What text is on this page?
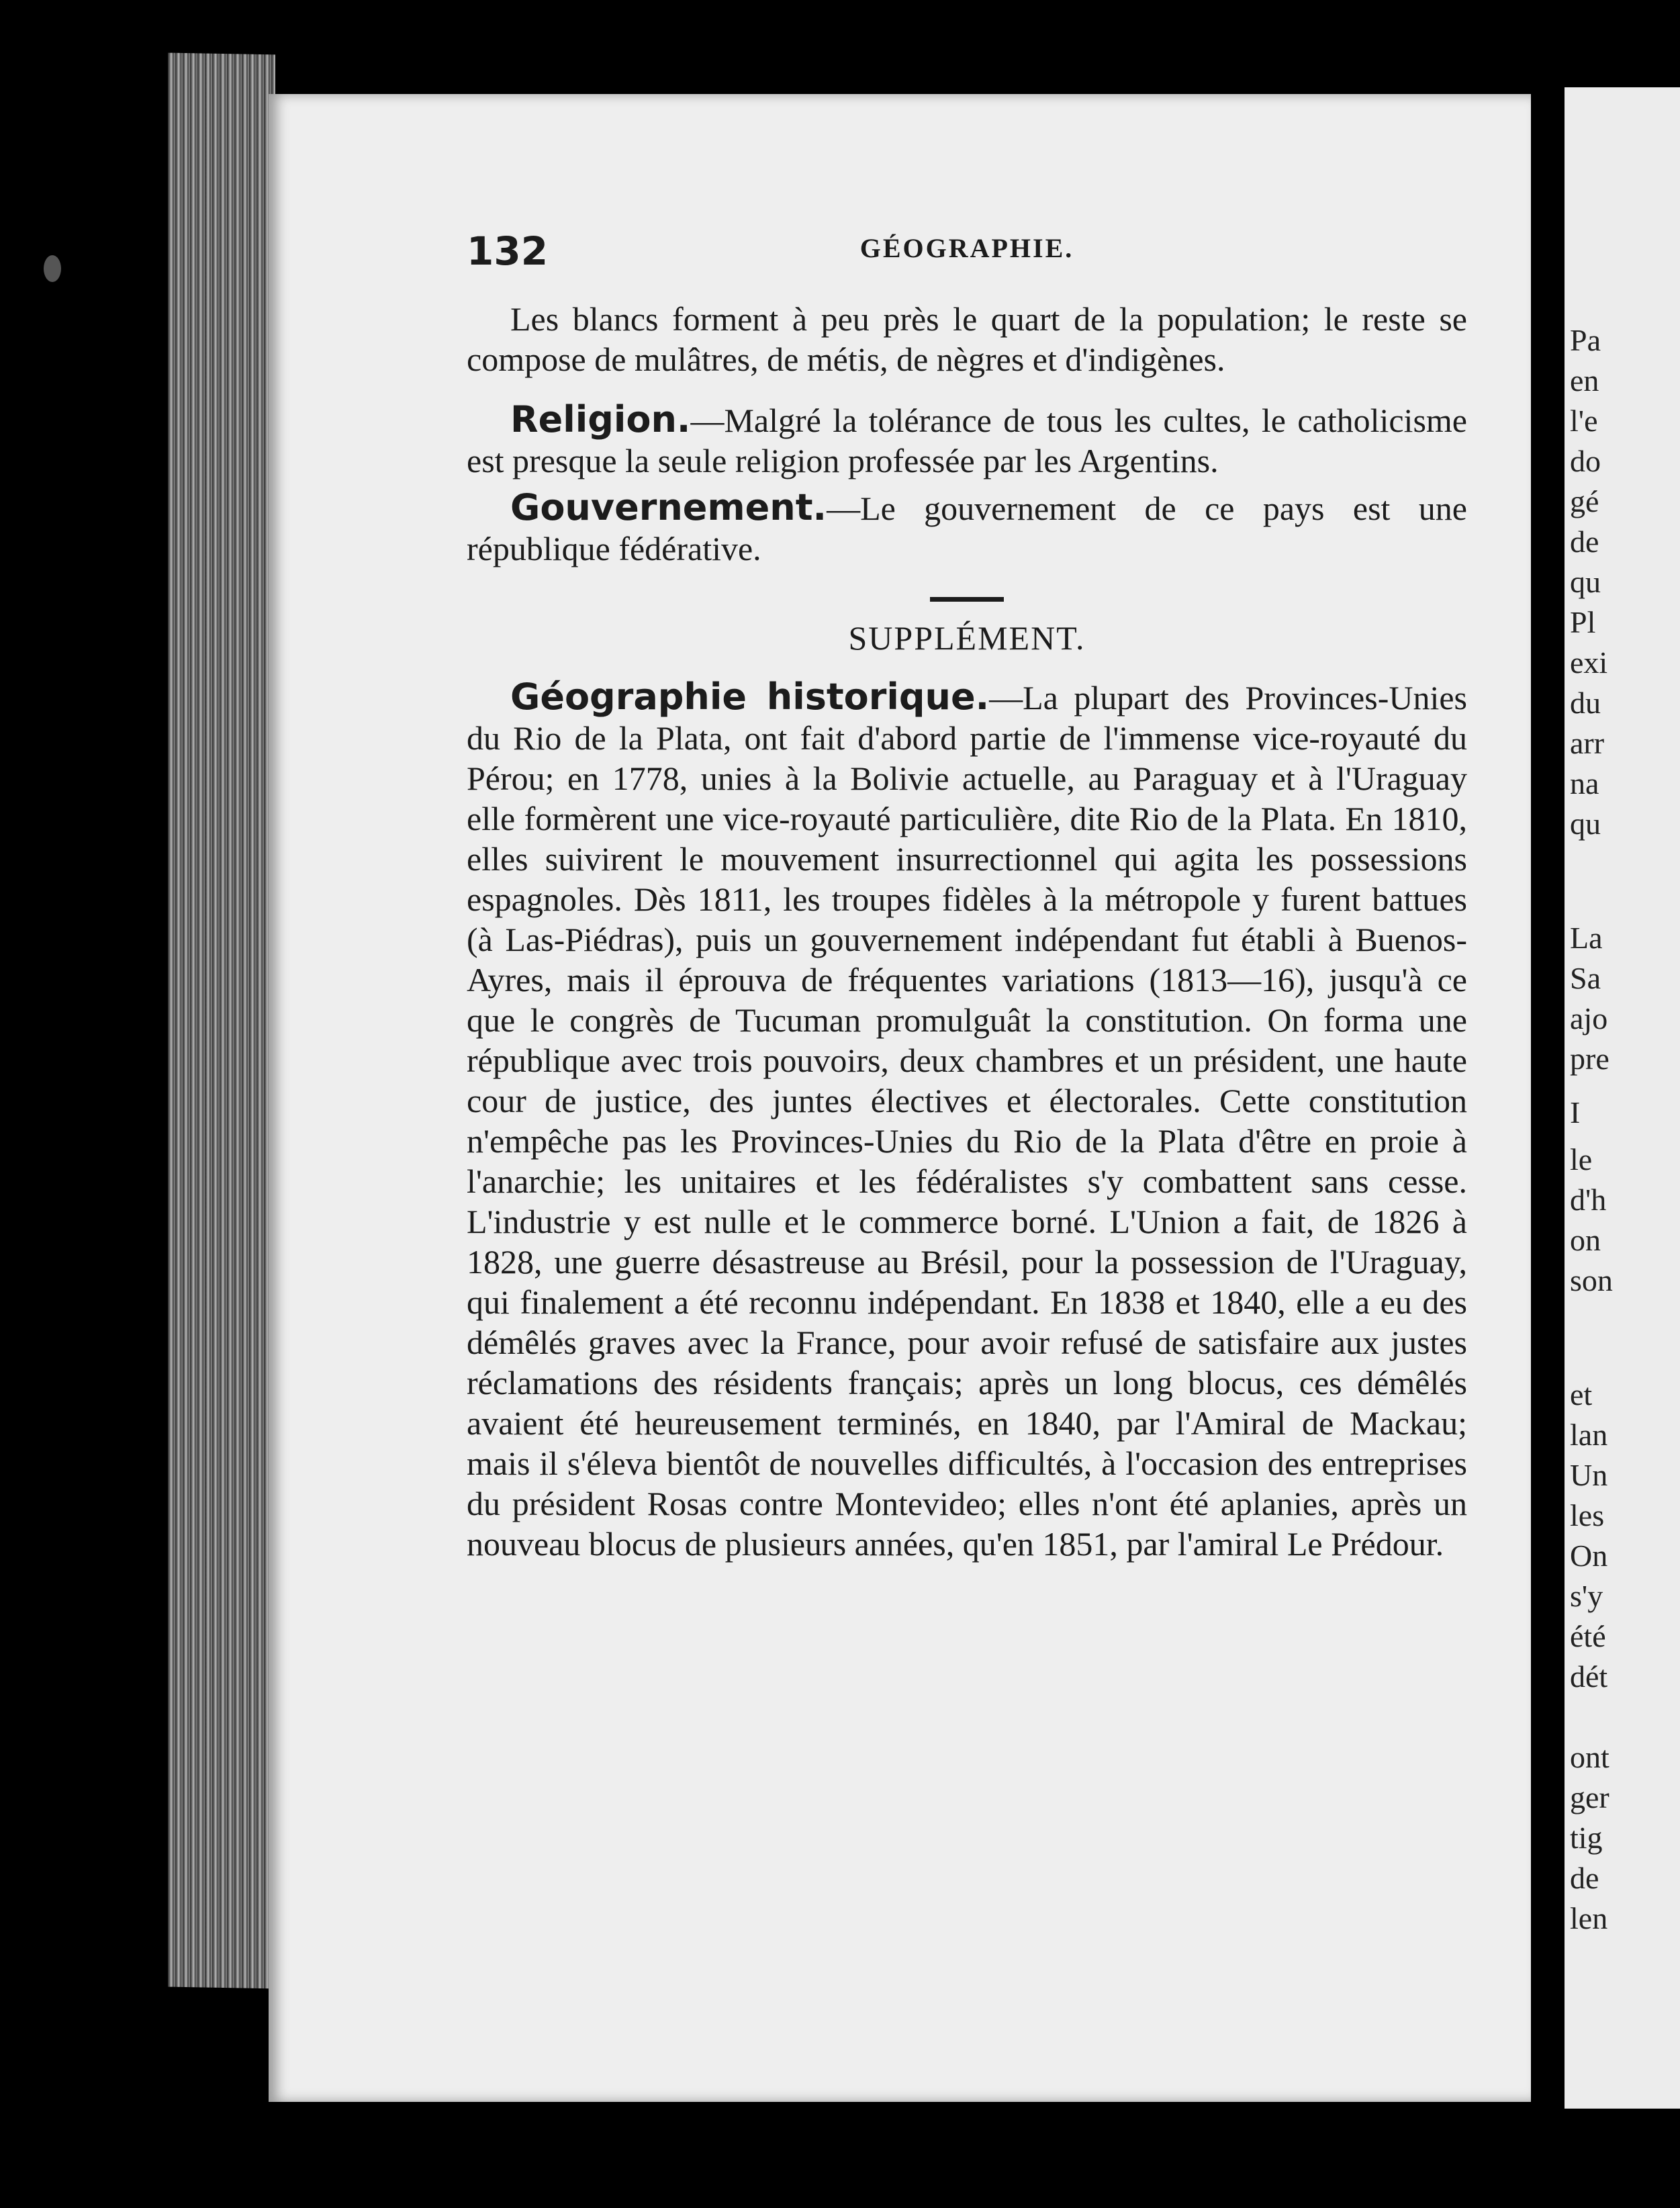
Pa
en
l'e
do
gé
de
qu
Pl
exi
du
arr
na
qu
La
Sa
ajo
pre
I
le
d'h
on
son
et
lan
Un
les
On
s'y
été
dét
ont
ger
tig
de
len
132	GÉOGRAPHIE.

Les blancs forment à peu près le quart de la population; le reste se compose de mulâtres, de métis, de nègres et d'indigènes.

Religion.—Malgré la tolérance de tous les cultes, le catholicisme est presque la seule religion professée par les Argentins.

Gouvernement.—Le gouvernement de ce pays est une république fédérative.

SUPPLÉMENT.

Géographie historique.—La plupart des Provinces-Unies du Rio de la Plata, ont fait d'abord partie de l'immense vice-royauté du Pérou; en 1778, unies à la Bolivie actuelle, au Paraguay et à l'Uraguay elle formèrent une vice-royauté particulière, dite Rio de la Plata. En 1810, elles suivirent le mouvement insurrectionnel qui agita les possessions espagnoles. Dès 1811, les troupes fidèles à la métropole y furent battues (à Las-Piédras), puis un gouvernement indépendant fut établi à Buenos-Ayres, mais il éprouva de fréquentes variations (1813—16), jusqu'à ce que le congrès de Tucuman promulguât la constitution. On forma une république avec trois pouvoirs, deux chambres et un président, une haute cour de justice, des juntes électives et électorales. Cette constitution n'empêche pas les Provinces-Unies du Rio de la Plata d'être en proie à l'anarchie; les unitaires et les fédéralistes s'y combattent sans cesse. L'industrie y est nulle et le commerce borné. L'Union a fait, de 1826 à 1828, une guerre désastreuse au Brésil, pour la possession de l'Uraguay, qui finalement a été reconnu indépendant. En 1838 et 1840, elle a eu des démêlés graves avec la France, pour avoir refusé de satisfaire aux justes réclamations des résidents français; après un long blocus, ces démêlés avaient été heureusement terminés, en 1840, par l'Amiral de Mackau; mais il s'éleva bientôt de nouvelles difficultés, à l'occasion des entreprises du président Rosas contre Montevideo; elles n'ont été aplanies, après un nouveau blocus de plusieurs années, qu'en 1851, par l'amiral Le Prédour.
